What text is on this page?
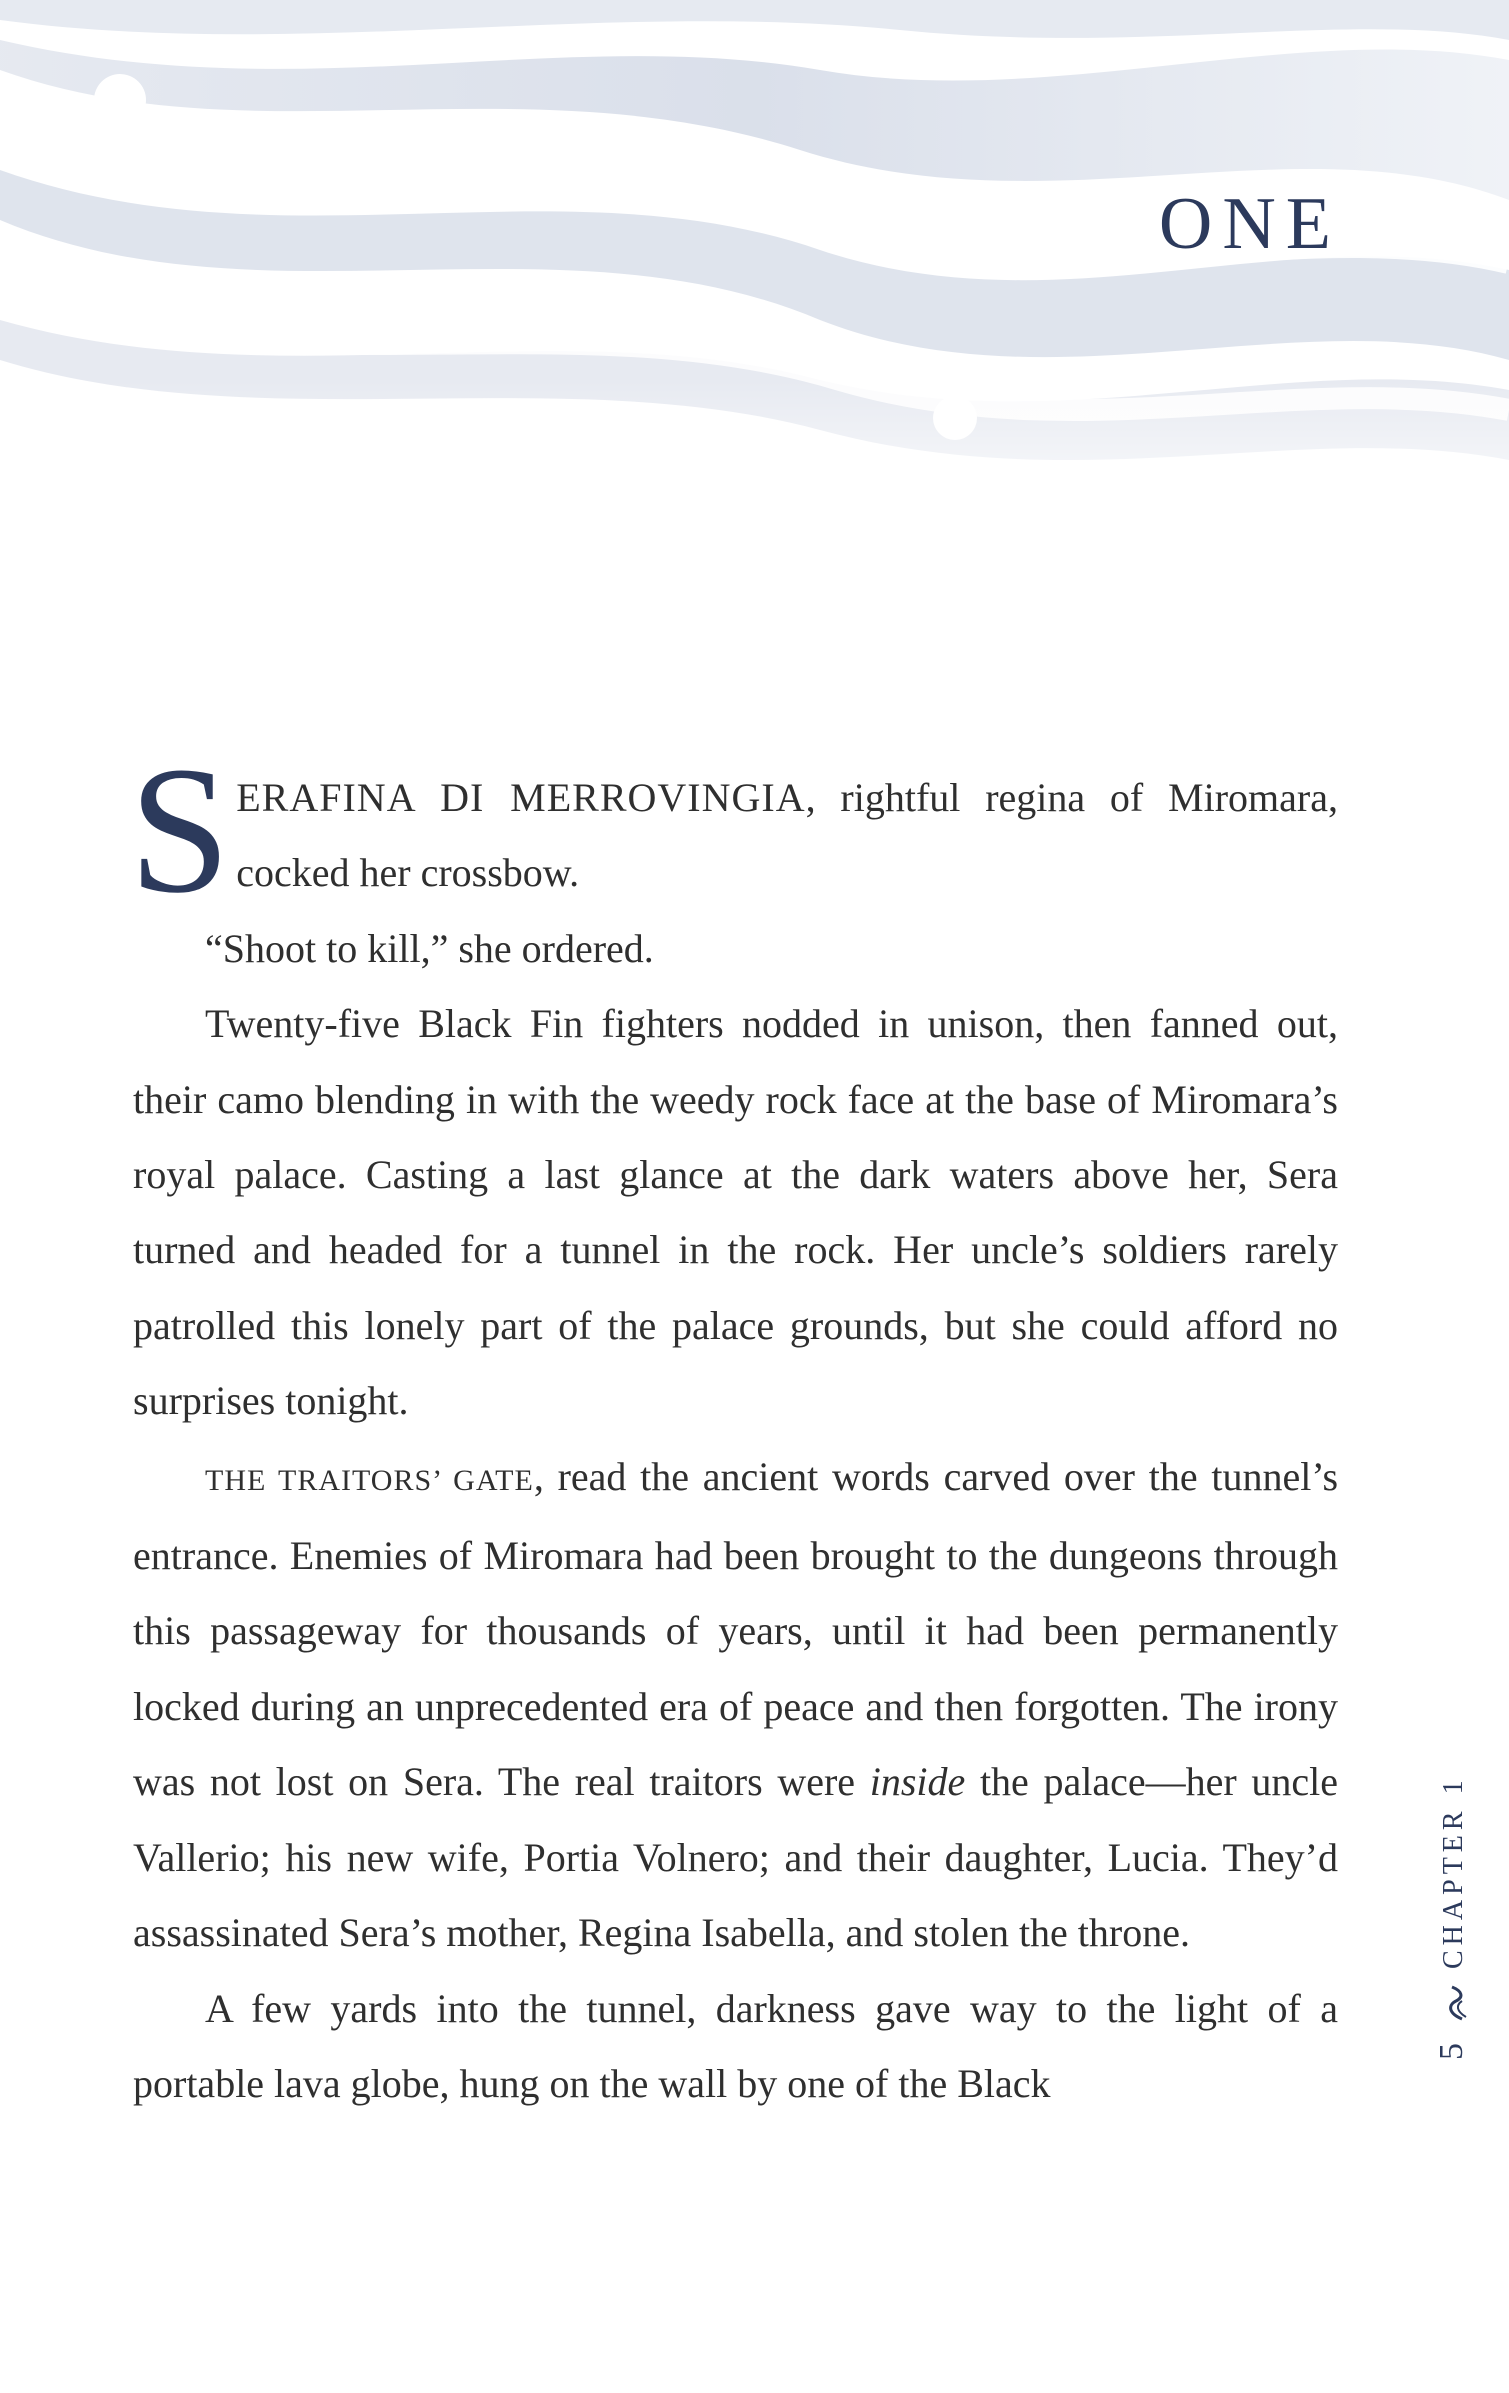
ONE

SERAFINA DI MERROVINGIA, rightful regina of Miromara, cocked her crossbow.

“Shoot to kill,” she ordered.

Twenty-five Black Fin fighters nodded in unison, then fanned out, their camo blending in with the weedy rock face at the base of Miromara’s royal palace. Casting a last glance at the dark waters above her, Sera turned and headed for a tunnel in the rock. Her uncle’s soldiers rarely patrolled this lonely part of the palace grounds, but she could afford no surprises tonight.

THE TRAITORS’ GATE, read the ancient words carved over the tunnel’s entrance. Enemies of Miromara had been brought to the dungeons through this passageway for thousands of years, until it had been permanently locked during an unprecedented era of peace and then forgotten. The irony was not lost on Sera. The real traitors were inside the palace—her uncle Vallerio; his new wife, Portia Volnero; and their daughter, Lucia. They’d assassinated Sera’s mother, Regina Isabella, and stolen the throne.

A few yards into the tunnel, darkness gave way to the light of a portable lava globe, hung on the wall by one of the Black

5CHAPTER 1
